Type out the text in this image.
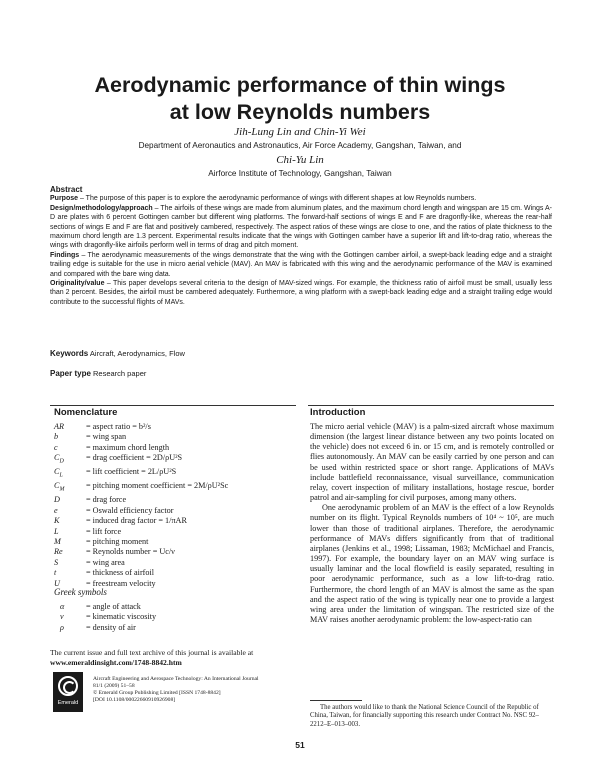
Aerodynamic performance of thin wings
at low Reynolds numbers
Jih-Lung Lin and Chin-Yi Wei
Department of Aeronautics and Astronautics, Air Force Academy, Gangshan, Taiwan, and
Chi-Yu Lin
Airforce Institute of Technology, Gangshan, Taiwan

Abstract

Purpose – The purpose of this paper is to explore the aerodynamic performance of wings with different shapes at low Reynolds numbers.

Design/methodology/approach – The airfoils of these wings are made from aluminum plates, and the maximum chord length and wingspan are 15 cm. Wings A-D are plates with 6 percent Gottingen camber but different wing platforms. The forward-half sections of wings E and F are dragonfly-like, whereas the rear-half sections of wings E and F are flat and positively cambered, respectively. The aspect ratios of these wings are close to one, and the ratios of plate thickness to the maximum chord length are 1.3 percent. Experimental results indicate that the wings with Gottingen camber have a superior lift and lift-to-drag ratio, whereas the wings with dragonfly-like airfoils perform well in terms of drag and pitch moment.

Findings – The aerodynamic measurements of the wings demonstrate that the wing with the Gottingen camber airfoil, a swept-back leading edge and a straight trailing edge is suitable for the use in micro aerial vehicle (MAV). An MAV is fabricated with this wing and the aerodynamic performance of the MAV is examined and compared with the bare wing data.

Originality/value – This paper develops several criteria to the design of MAV-sized wings. For example, the thickness ratio of airfoil must be small, usually less than 2 percent. Besides, the airfoil must be cambered adequately. Furthermore, a wing platform with a swept-back leading edge and a straight trailing edge would contribute to the successful flights of MAVs.

Keywords Aircraft, Aerodynamics, Flow
Paper type Research paper
Nomenclature
AR	= aspect ratio = b²/s
b	= wing span
c	= maximum chord length
$C_D$	= drag coefficient = 2D/ρU²S
$C_L$	= lift coefficient = 2L/ρU²S
$C_M$	= pitching moment coefficient = 2M/ρU²Sc
D	= drag force
e	= Oswald efficiency factor
K	= induced drag factor = 1/πAR
L	= lift force
M	= pitching moment
Re	= Reynolds number = Uc/ν
S	= wing area
t	= thickness of airfoil
U	= freestream velocity
Greek symbols
α	= angle of attack
ν	= kinematic viscosity
ρ	= density of air
The current issue and full text archive of this journal is available at www.emeraldinsight.com/1748-8842.htm
Emerald
Aircraft Engineering and Aerospace Technology: An International Journal
81/1 (2009) 51–58
© Emerald Group Publishing Limited [ISSN 1748-8842]
[DOI 10.1108/00022660910926908]
Introduction

The micro aerial vehicle (MAV) is a palm-sized aircraft whose maximum dimension (the largest linear distance between any two points located on the vehicle) does not exceed 6 in. or 15 cm, and is remotely controlled or flies autonomously. An MAV can be easily carried by one person and can be used within restricted space or short range. Applications of MAVs include battlefield reconnaissance, visual surveillance, communication relay, covert inspection of military installations, hostage rescue, border patrol and air-sampling for civil purposes, among many others.

One aerodynamic problem of an MAV is the effect of a low Reynolds number on its flight. Typical Reynolds numbers of 10⁴ ~ 10⁵, are much lower than those of traditional airplanes. Therefore, the aerodynamic performance of MAVs differs significantly from that of traditional airplanes (Jenkins et al., 1998; Lissaman, 1983; McMichael and Francis, 1997). For example, the boundary layer on an MAV wing surface is usually laminar and the local flowfield is easily separated, resulting in poor aerodynamic performance, such as a low lift-to-drag ratio. Furthermore, the chord length of an MAV is almost the same as the span and the aspect ratio of the wing is typically near one to provide a largest wing area under the limitation of wingspan. The restricted size of the MAV raises another aerodynamic problem: the low-aspect-ratio can

The authors would like to thank the National Science Council of the Republic of China, Taiwan, for financially supporting this research under Contract No. NSC 92–2212–E–013–003.
51
